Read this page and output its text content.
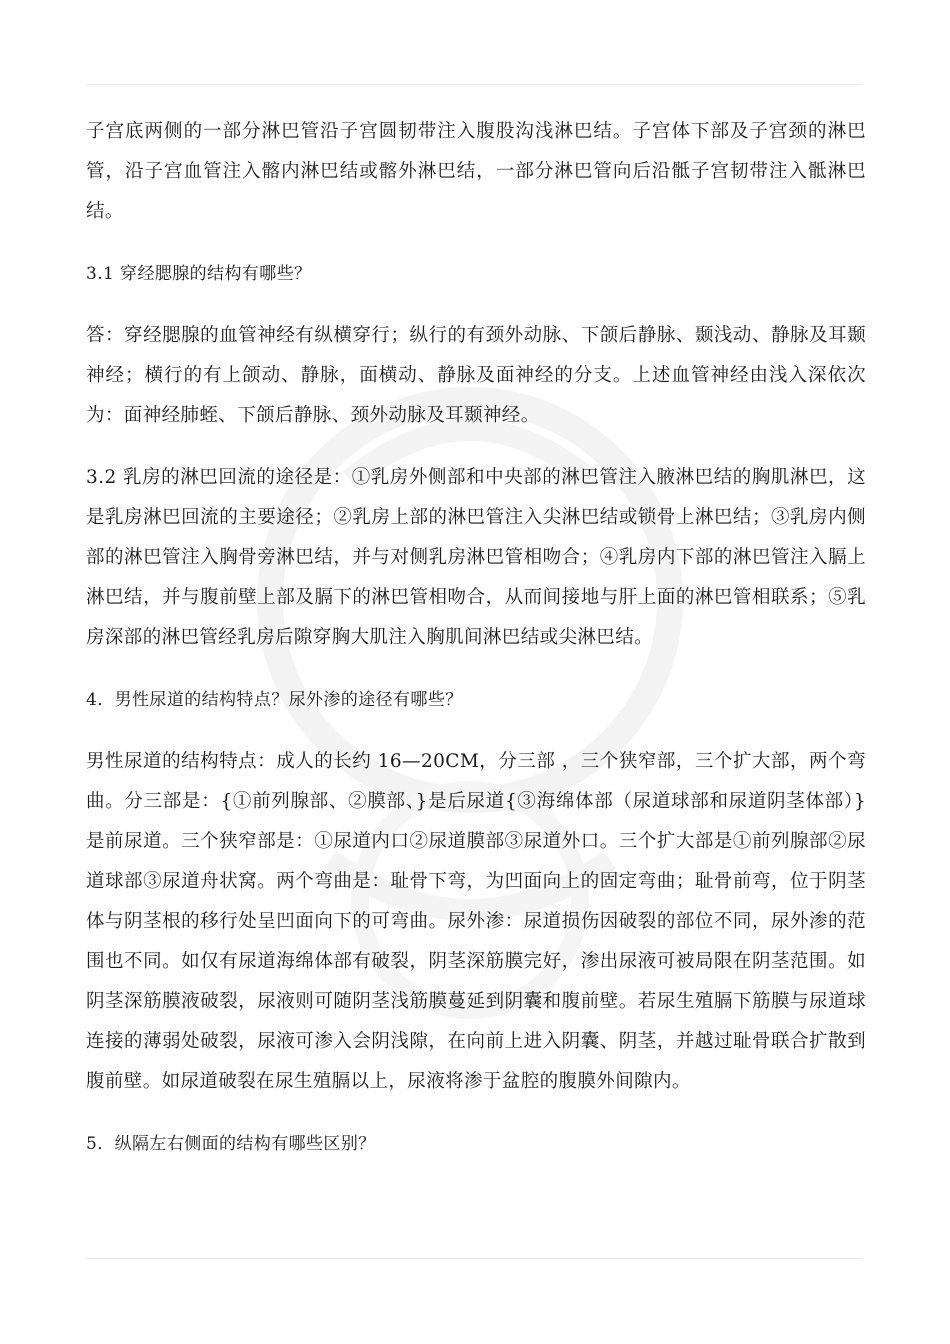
子宫底两侧的一部分淋巴管沿子宫圆韧带注入腹股沟浅淋巴结。子宫体下部及子宫颈的淋巴管，沿子宫血管注入髂内淋巴结或髂外淋巴结，一部分淋巴管向后沿骶子宫韧带注入骶淋巴结。

3.1 穿经腮腺的结构有哪些？

答：穿经腮腺的血管神经有纵横穿行；纵行的有颈外动脉、下颌后静脉、颞浅动、静脉及耳颞神经；横行的有上颌动、静脉，面横动、静脉及面神经的分支。上述血管神经由浅入深依次为：面神经肺蛭、下颌后静脉、颈外动脉及耳颞神经。

3.2 乳房的淋巴回流的途径是：①乳房外侧部和中央部的淋巴管注入腋淋巴结的胸肌淋巴，这是乳房淋巴回流的主要途径；②乳房上部的淋巴管注入尖淋巴结或锁骨上淋巴结；③乳房内侧部的淋巴管注入胸骨旁淋巴结，并与对侧乳房淋巴管相吻合；④乳房内下部的淋巴管注入膈上淋巴结，并与腹前壁上部及膈下的淋巴管相吻合，从而间接地与肝上面的淋巴管相联系；⑤乳房深部的淋巴管经乳房后隙穿胸大肌注入胸肌间淋巴结或尖淋巴结。

4．男性尿道的结构特点？尿外渗的途径有哪些？

男性尿道的结构特点：成人的长约 16—20CM，分三部 ，三个狭窄部，三个扩大部，两个弯曲。分三部是：{①前列腺部、②膜部、}是后尿道{③海绵体部（尿道球部和尿道阴茎体部）}是前尿道。三个狭窄部是：①尿道内口②尿道膜部③尿道外口。三个扩大部是①前列腺部②尿道球部③尿道舟状窝。两个弯曲是：耻骨下弯，为凹面向上的固定弯曲；耻骨前弯，位于阴茎体与阴茎根的移行处呈凹面向下的可弯曲。尿外渗：尿道损伤因破裂的部位不同，尿外渗的范围也不同。如仅有尿道海绵体部有破裂，阴茎深筋膜完好，渗出尿液可被局限在阴茎范围。如阴茎深筋膜液破裂，尿液则可随阴茎浅筋膜蔓延到阴囊和腹前壁。若尿生殖膈下筋膜与尿道球连接的薄弱处破裂，尿液可渗入会阴浅隙，在向前上进入阴囊、阴茎，并越过耻骨联合扩散到腹前壁。如尿道破裂在尿生殖膈以上，尿液将渗于盆腔的腹膜外间隙内。

5．纵隔左右侧面的结构有哪些区别？
